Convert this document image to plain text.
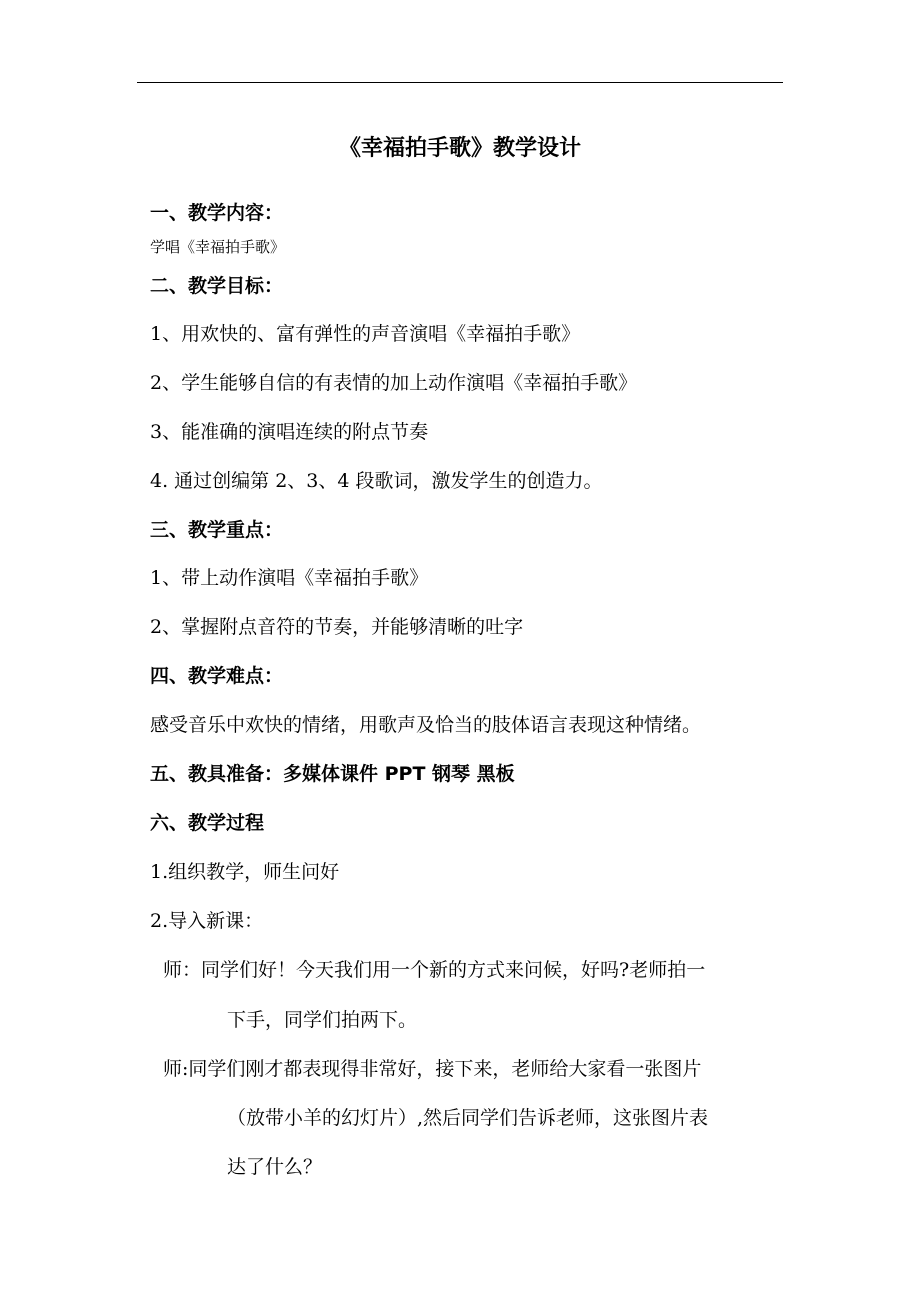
《幸福拍手歌》教学设计
一、教学内容：
学唱《幸福拍手歌》
二、教学目标：
1、用欢快的、富有弹性的声音演唱《幸福拍手歌》
2、学生能够自信的有表情的加上动作演唱《幸福拍手歌》
3、能准确的演唱连续的附点节奏
4. 通过创编第 2、3、4 段歌词，激发学生的创造力。
三、教学重点：
1、带上动作演唱《幸福拍手歌》
2、掌握附点音符的节奏，并能够清晰的吐字
四、教学难点：
感受音乐中欢快的情绪，用歌声及恰当的肢体语言表现这种情绪。
五、教具准备：多媒体课件 PPT 钢琴 黑板
六、教学过程
1.组织教学，师生问好
2.导入新课：
师：同学们好！今天我们用一个新的方式来问候，好吗?老师拍一
下手，同学们拍两下。
师:同学们刚才都表现得非常好，接下来，老师给大家看一张图片
（放带小羊的幻灯片）,然后同学们告诉老师，这张图片表
达了什么？
